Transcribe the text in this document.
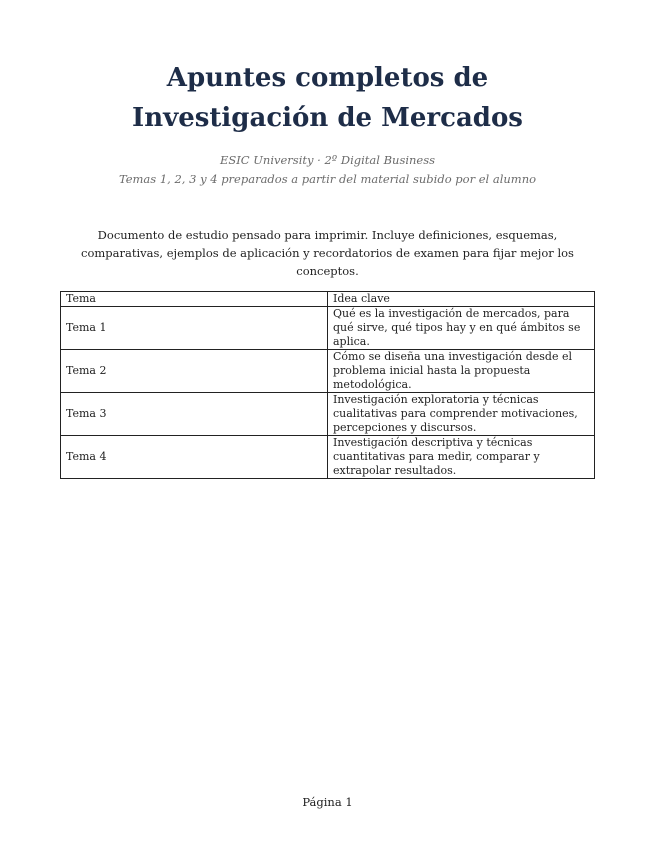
Apuntes completos de
Investigación de Mercados
ESIC University · 2º Digital Business
Temas 1, 2, 3 y 4 preparados a partir del material subido por el alumno
Documento de estudio pensado para imprimir. Incluye definiciones, esquemas, comparativas, ejemplos de aplicación y recordatorios de examen para fijar mejor los conceptos.
Tema	Idea clave
Tema 1	Qué es la investigación de mercados, para qué sirve, qué tipos hay y en qué ámbitos se aplica.
Tema 2	Cómo se diseña una investigación desde el problema inicial hasta la propuesta metodológica.
Tema 3	Investigación exploratoria y técnicas cualitativas para comprender motivaciones, percepciones y discursos.
Tema 4	Investigación descriptiva y técnicas cuantitativas para medir, comparar y extrapolar resultados.
Página 1
